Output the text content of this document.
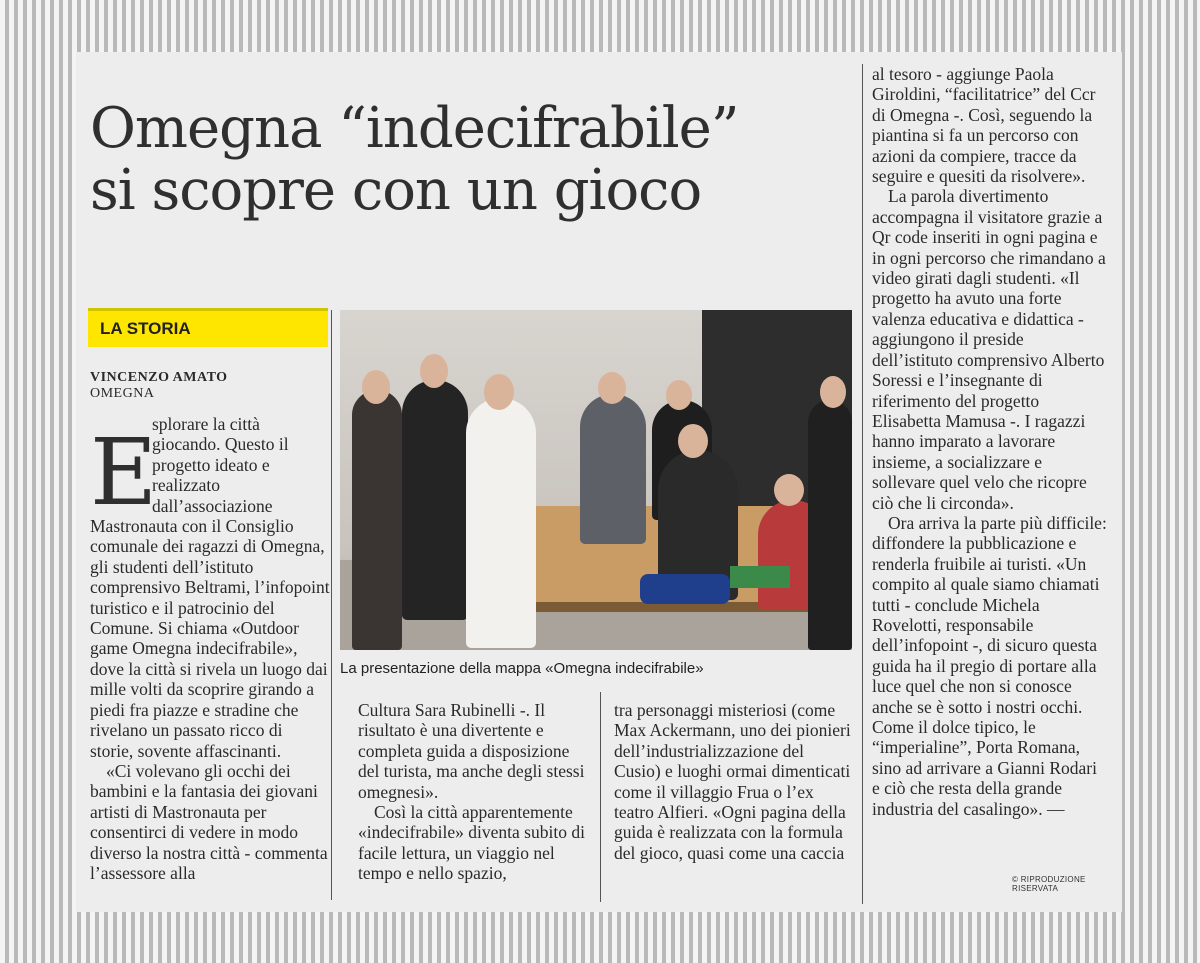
Omegna “indecifrabile”
si scopre con un gioco
LA STORIA
VINCENZO AMATO
OMEGNA
E

splorare la città giocando. Questo il progetto ideato e realizzato dall’associazione Mastronauta con il Consiglio comunale dei ragazzi di Omegna, gli studenti dell’istituto comprensivo Beltrami, l’infopoint turistico e il patrocinio del Comune. Si chiama «Outdoor game Omegna indecifrabile», dove la città si rivela un luogo dai mille volti da scoprire girando a piedi fra piazze e stradine che rivelano un passato ricco di storie, sovente affascinanti.

«Ci volevano gli occhi dei bambini e la fantasia dei giovani artisti di Mastronauta per consentirci di vedere in modo diverso la nostra città - commenta l’assessore alla

La presentazione della mappa «Omegna indecifrabile»

Cultura Sara Rubinelli -. Il risultato è una divertente e completa guida a disposizione del turista, ma anche degli stessi omegnesi».

Così la città apparentemente «indecifrabile» diventa subito di facile lettura, un viaggio nel tempo e nello spazio,

tra personaggi misteriosi (come Max Ackermann, uno dei pionieri dell’industrializzazione del Cusio) e luoghi ormai dimenticati come il villaggio Frua o l’ex teatro Alfieri. «Ogni pagina della guida è realizzata con la formula del gioco, quasi come una caccia

al tesoro - aggiunge Paola Giroldini, “facilitatrice” del Ccr di Omegna -. Così, seguendo la piantina si fa un percorso con azioni da compiere, tracce da seguire e quesiti da risolvere».

La parola divertimento accompagna il visitatore grazie a Qr code inseriti in ogni pagina e in ogni percorso che rimandano a video girati dagli studenti. «Il progetto ha avuto una forte valenza educativa e didattica - aggiungono il preside dell’istituto comprensivo Alberto Soressi e l’insegnante di riferimento del progetto Elisabetta Mamusa -. I ragazzi hanno imparato a lavorare insieme, a socializzare e sollevare quel velo che ricopre ciò che li circonda».

Ora arriva la parte più difficile: diffondere la pubblicazione e renderla fruibile ai turisti. «Un compito al quale siamo chiamati tutti - conclude Michela Rovelotti, responsabile dell’infopoint -, di sicuro questa guida ha il pregio di portare alla luce quel che non si conosce anche se è sotto i nostri occhi. Come il dolce tipico, le “imperialine”, Porta Romana, sino ad arrivare a Gianni Rodari e ciò che resta della grande industria del casalingo». —

© RIPRODUZIONE RISERVATA
